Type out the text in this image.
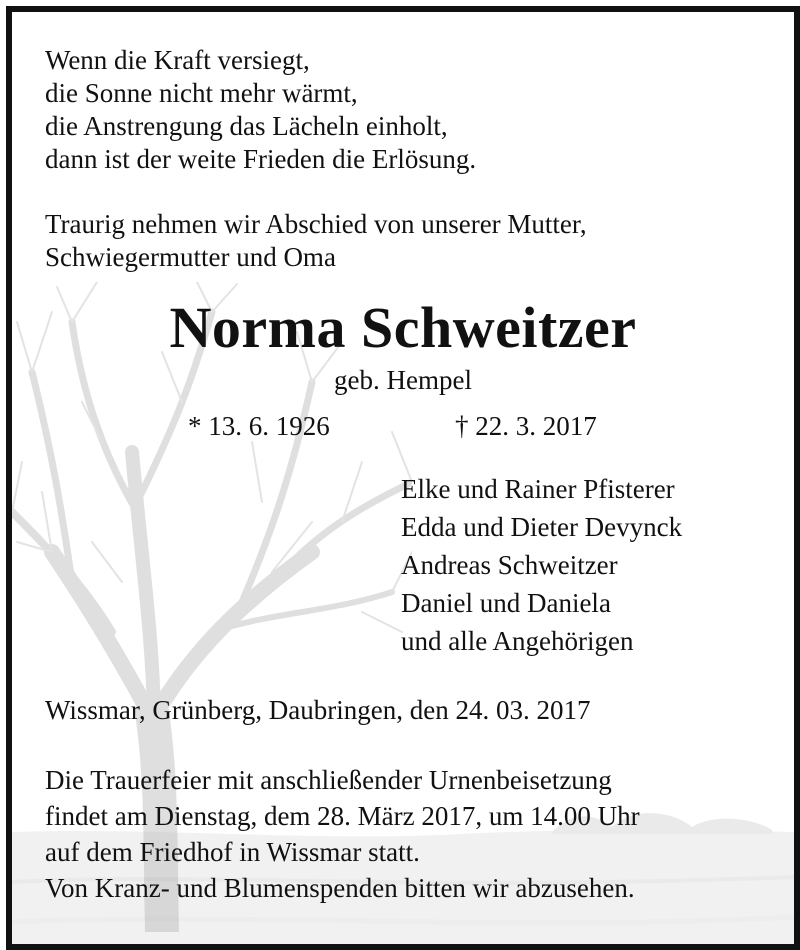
Wenn die Kraft versiegt,
die Sonne nicht mehr wärmt,
die Anstrengung das Lächeln einholt,
dann ist der weite Frieden die Erlösung.

Traurig nehmen wir Abschied von unserer Mutter,
Schwiegermutter und Oma

Norma Schweitzer

geb. Hempel

* 13. 6. 1926	† 22. 3. 2017

Elke und Rainer Pfisterer
Edda und Dieter Devynck
Andreas Schweitzer
Daniel und Daniela
und alle Angehörigen

Wissmar, Grünberg, Daubringen, den 24. 03. 2017

Die Trauerfeier mit anschließender Urnenbeisetzung
findet am Dienstag, dem 28. März 2017, um 14.00 Uhr
auf dem Friedhof in Wissmar statt.
Von Kranz- und Blumenspenden bitten wir abzusehen.
